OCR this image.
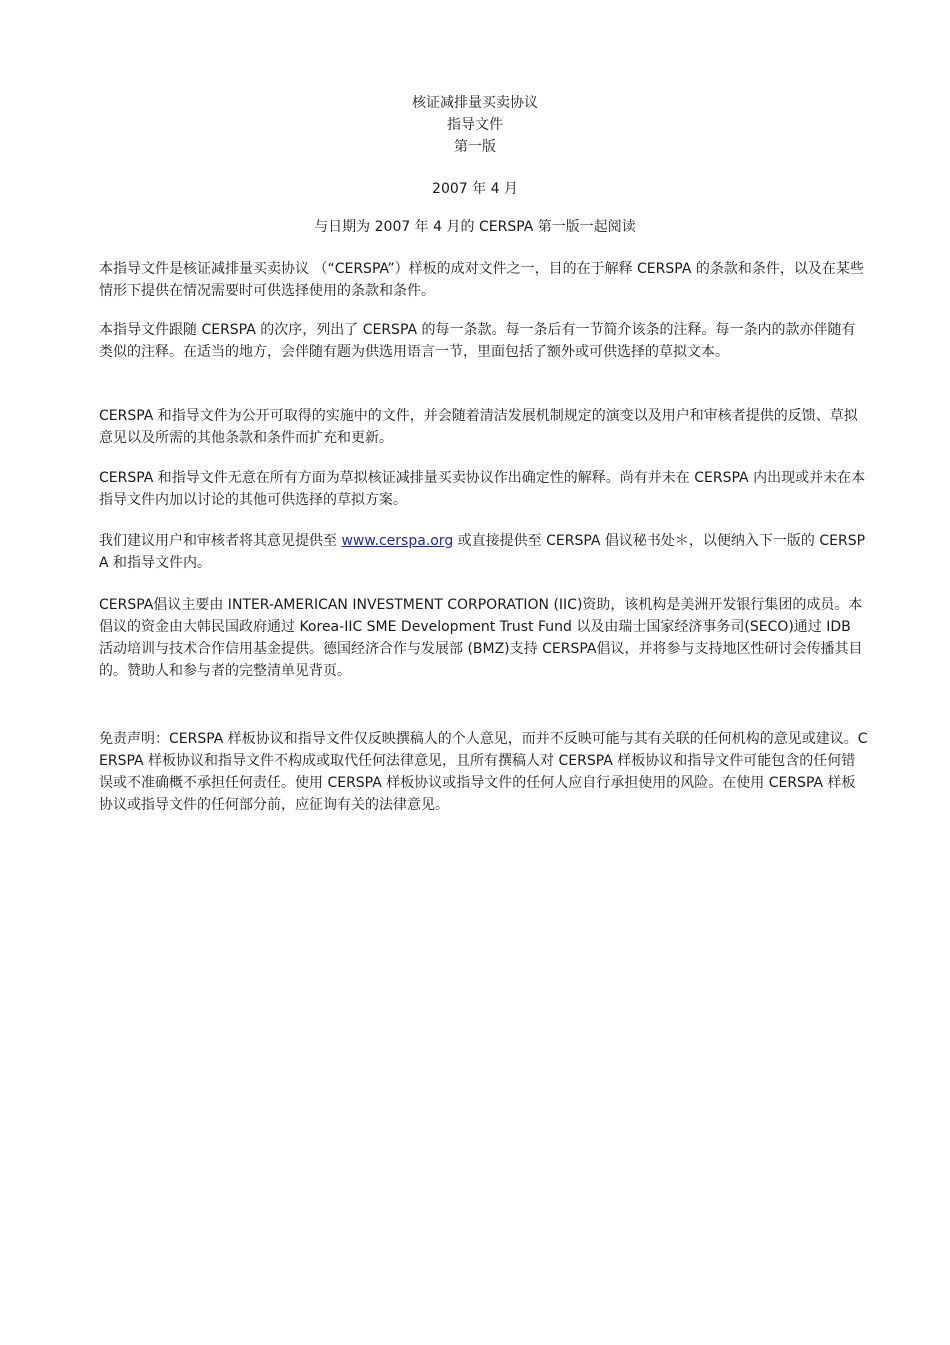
核证减排量买卖协议
指导文件
第一版
2007 年 4 月
与日期为 2007 年 4 月的 CERSPA 第一版一起阅读

本指导文件是核证减排量买卖协议 （“CERSPA”）样板的成对文件之一，目的在于解释 CERSPA 的条款和条件，以及在某些情形下提供在情况需要时可供选择使用的条款和条件。

本指导文件跟随 CERSPA 的次序，列出了 CERSPA 的每一条款。每一条后有一节简介该条的注释。每一条内的款亦伴随有类似的注释。在适当的地方，会伴随有题为供选用语言一节，里面包括了额外或可供选择的草拟文本。

CERSPA 和指导文件为公开可取得的实施中的文件，并会随着清洁发展机制规定的演变以及用户和审核者提供的反馈、草拟意见以及所需的其他条款和条件而扩充和更新。

CERSPA 和指导文件无意在所有方面为草拟核证减排量买卖协议作出确定性的解释。尚有并未在 CERSPA 内出现或并未在本指导文件内加以讨论的其他可供选择的草拟方案。

我们建议用户和审核者将其意见提供至 www.cerspa.org 或直接提供至 CERSPA 倡议秘书处＊，以便纳入下一版的 CERSPA 和指导文件内。

CERSPA倡议主要由 INTER-AMERICAN INVESTMENT CORPORATION (IIC)资助，该机构是美洲开发银行集团的成员。本倡议的资金由大韩民国政府通过 Korea-IIC SME Development Trust Fund 以及由瑞士国家经济事务司(SECO)通过 IDB 活动培训与技术合作信用基金提供。德国经济合作与发展部 (BMZ)支持 CERSPA倡议，并将参与支持地区性研讨会传播其目的。赞助人和参与者的完整清单见背页。

免责声明：CERSPA 样板协议和指导文件仅反映撰稿人的个人意见，而并不反映可能与其有关联的任何机构的意见或建议。CERSPA 样板协议和指导文件不构成或取代任何法律意见，且所有撰稿人对 CERSPA 样板协议和指导文件可能包含的任何错误或不准确概不承担任何责任。使用 CERSPA 样板协议或指导文件的任何人应自行承担使用的风险。在使用 CERSPA 样板协议或指导文件的任何部分前，应征询有关的法律意见。
